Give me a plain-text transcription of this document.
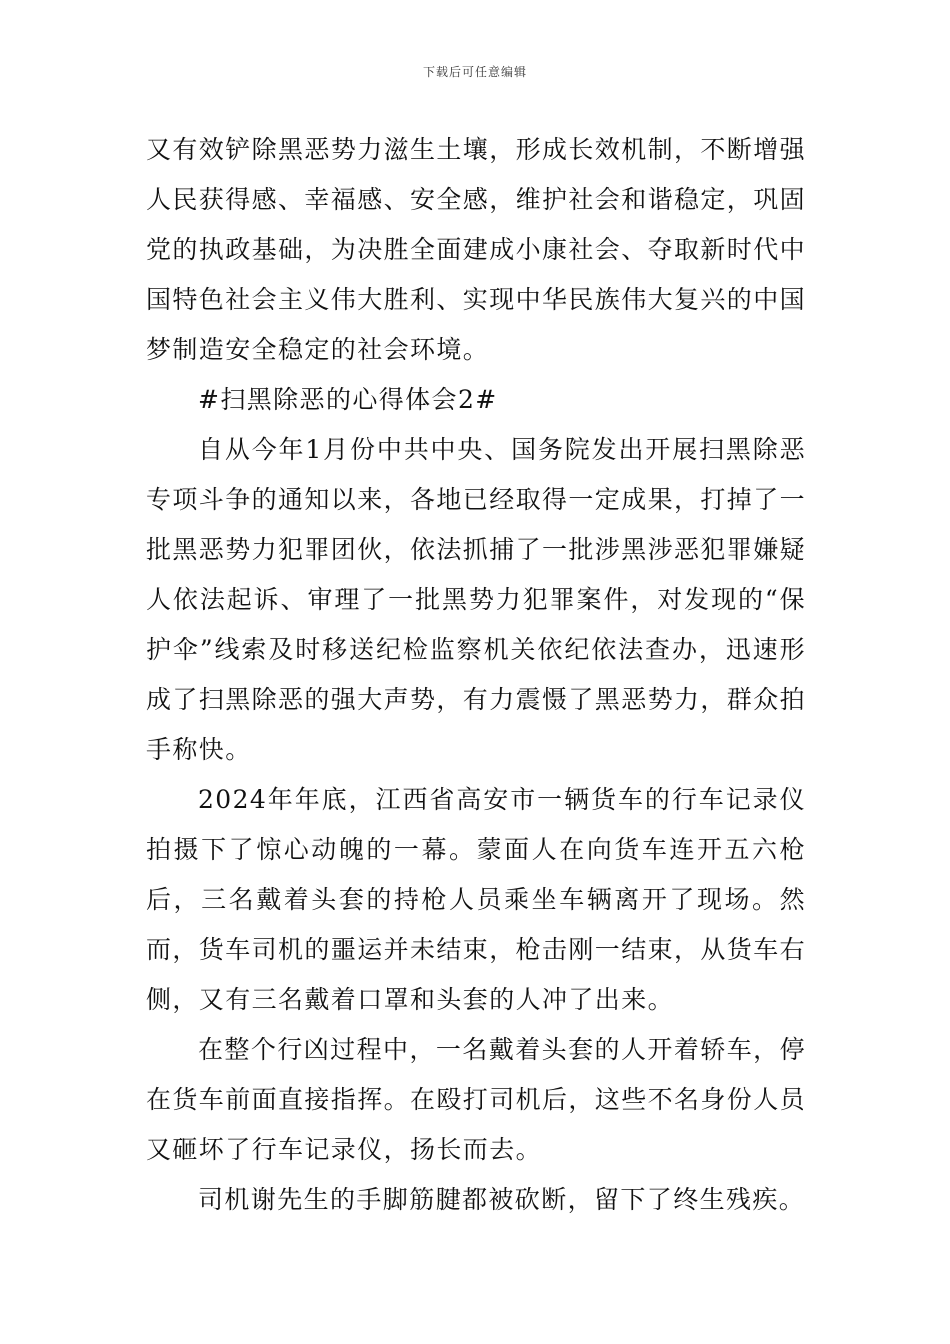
下载后可任意编辑

又有效铲除黑恶势力滋生土壤，形成长效机制，不断增强人民获得感、幸福感、安全感，维护社会和谐稳定，巩固党的执政基础，为决胜全面建成小康社会、夺取新时代中国特色社会主义伟大胜利、实现中华民族伟大复兴的中国梦制造安全稳定的社会环境。

#扫黑除恶的心得体会2#

自从今年1月份中共中央、国务院发出开展扫黑除恶专项斗争的通知以来，各地已经取得一定成果，打掉了一批黑恶势力犯罪团伙，依法抓捕了一批涉黑涉恶犯罪嫌疑人依法起诉、审理了一批黑势力犯罪案件，对发现的“保护伞”线索及时移送纪检监察机关依纪依法查办，迅速形成了扫黑除恶的强大声势，有力震慑了黑恶势力，群众拍手称快。

2024年年底，江西省高安市一辆货车的行车记录仪拍摄下了惊心动魄的一幕。蒙面人在向货车连开五六枪后，三名戴着头套的持枪人员乘坐车辆离开了现场。然而，货车司机的噩运并未结束，枪击刚一结束，从货车右侧，又有三名戴着口罩和头套的人冲了出来。

在整个行凶过程中，一名戴着头套的人开着轿车，停在货车前面直接指挥。在殴打司机后，这些不名身份人员又砸坏了行车记录仪，扬长而去。

司机谢先生的手脚筋腱都被砍断，留下了终生残疾。
